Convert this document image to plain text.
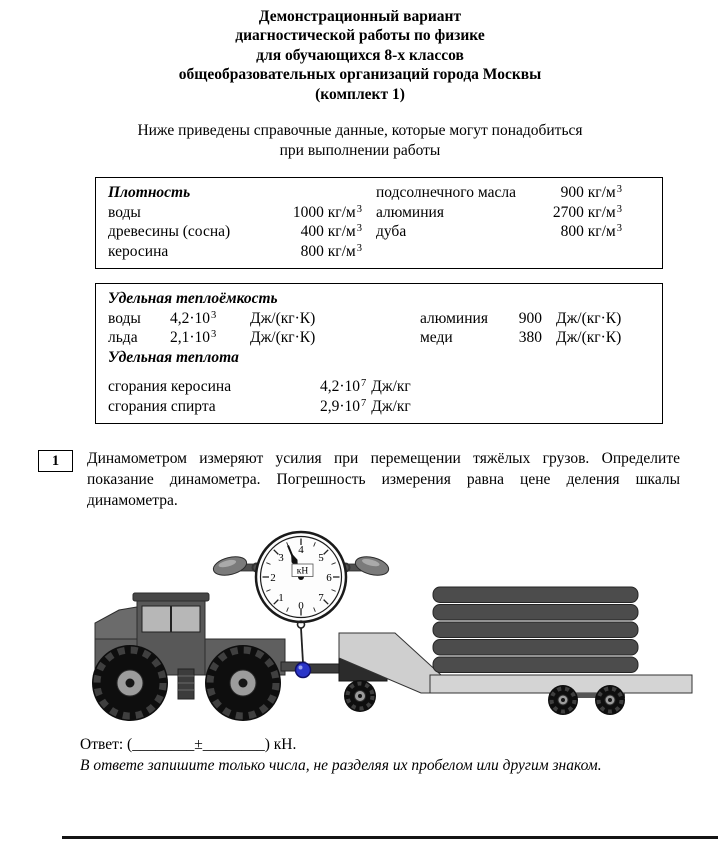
Демонстрационный вариант
диагностической работы по физике
для обучающихся 8-х классов
общеобразовательных организаций города Москвы
(комплект 1)
Ниже приведены справочные данные, которые могут понадобиться
при выполнении работы
Плотность	подсолнечного масла	900 $кг/м^3$
воды	1000 $кг/м^3$ алюминия	2700 $кг/м^3$
древесины (сосна)	400 $кг/м^3$ дуба	800 $кг/м^3$
керосина	800 $кг/м^3$
Удельная теплоёмкость
воды	$4,2\cdot 10^3$	Дж/(кг·К)	алюминия	900 Дж/(кг·К)
льда	$2,1\cdot 10^3$	Дж/(кг·К)	меди	380 Дж/(кг·К)
Удельная теплота
сгорания керосина	$4,2\cdot 10^7$ Дж/кг
сгорания спирта	$2,9\cdot 10^7$ Дж/кг
1	Динамометром измеряют усилия при перемещении тяжёлых грузов. Определите показание динамометра. Погрешность измерения равна цене деления шкалы динамометра.
0
1
2
3
4
5
6
7
кН
Ответ: (________±________) кН.
В ответе запишите только числа, не разделяя их пробелом или другим знаком.
